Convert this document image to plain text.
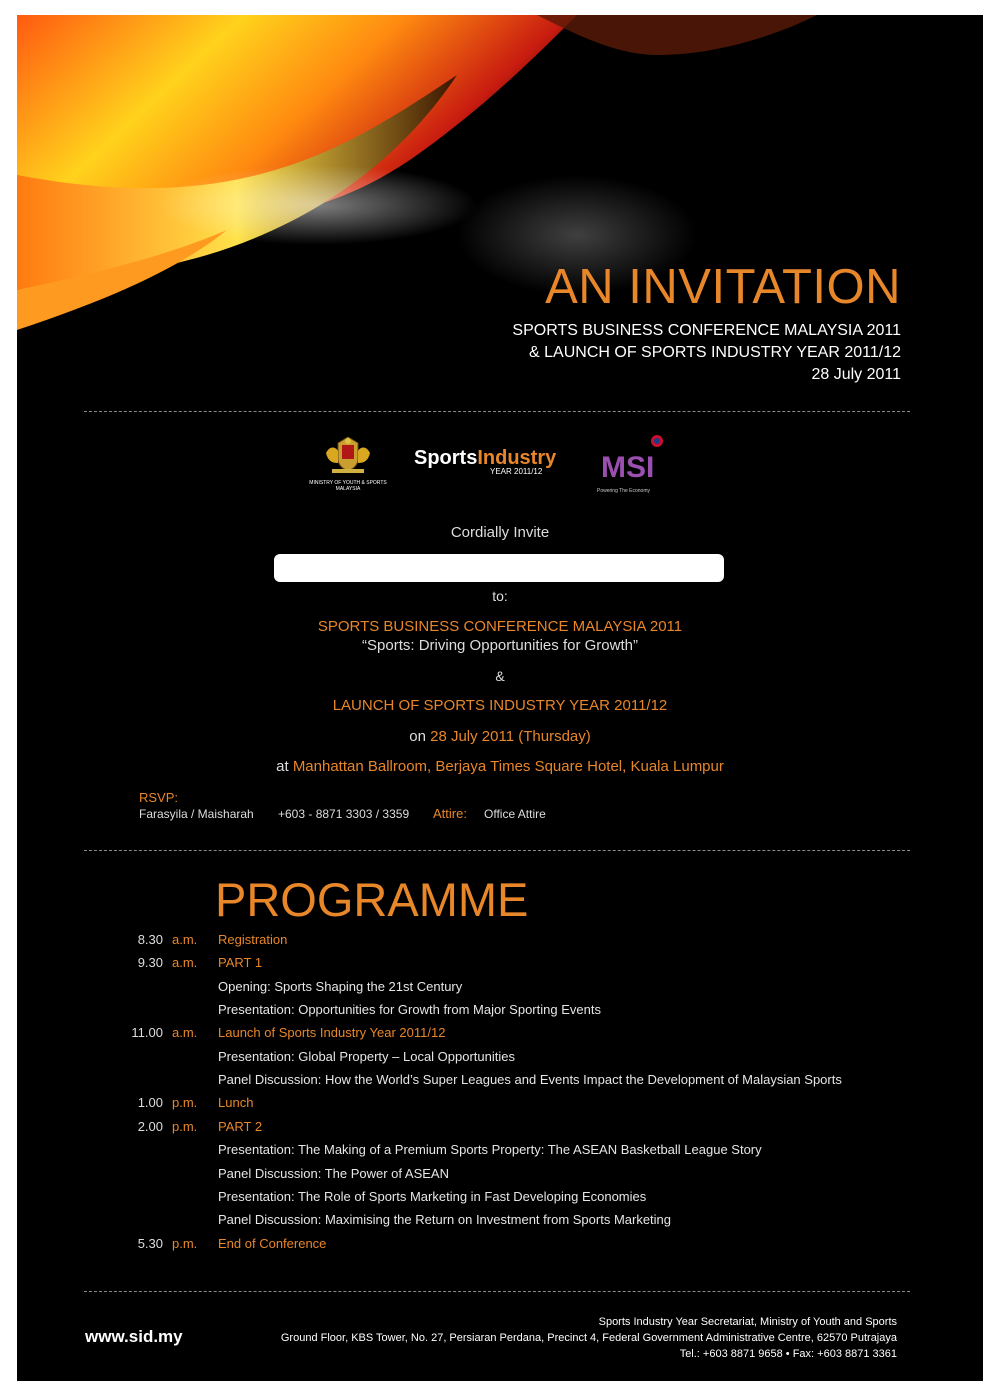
AN INVITATION
SPORTS BUSINESS CONFERENCE MALAYSIA 2011
& LAUNCH OF SPORTS INDUSTRY YEAR 2011/12
28 July 2011
MINISTRY OF YOUTH & SPORTS
MALAYSIA
SportsIndustry
YEAR 2011/12 MSI
Powering The Economy
Cordially Invite
to:
SPORTS BUSINESS CONFERENCE MALAYSIA 2011
“Sports: Driving Opportunities for Growth”
&
LAUNCH OF SPORTS INDUSTRY YEAR 2011/12
on 28 July 2011 (Thursday)
at Manhattan Ballroom, Berjaya Times Square Hotel, Kuala Lumpur
RSVP:
Farasyila / Maisharah +603 - 8871 3303 / 3359 Attire: Office Attire
PROGRAMME
www.sid.my
Sports Industry Year Secretariat, Ministry of Youth and Sports
Ground Floor, KBS Tower, No. 27, Persiaran Perdana, Precinct 4, Federal Government Administrative Centre, 62570 Putrajaya
Tel.: +603 8871 9658 • Fax: +603 8871 3361
8.30 a.m. Registration
9.30 a.m. PART 1
Opening: Sports Shaping the 21st Century
Presentation: Opportunities for Growth from Major Sporting Events
11.00 a.m. Launch of Sports Industry Year 2011/12
Presentation: Global Property – Local Opportunities
Panel Discussion: How the World’s Super Leagues and Events Impact the Development of Malaysian Sports
1.00 p.m. Lunch
2.00 p.m. PART 2
Presentation: The Making of a Premium Sports Property: The ASEAN Basketball League Story
Panel Discussion: The Power of ASEAN
Presentation: The Role of Sports Marketing in Fast Developing Economies
Panel Discussion: Maximising the Return on Investment from Sports Marketing
5.30 p.m. End of Conference
